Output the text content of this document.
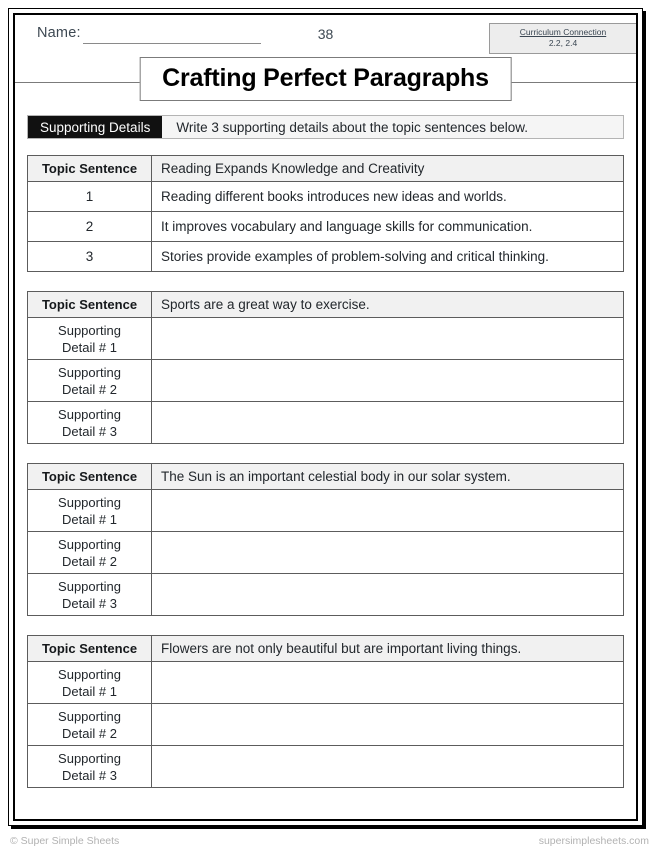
Name:	38	Curriculum Connection
2.2, 2.4
Crafting Perfect Paragraphs
Supporting Details	Write 3 supporting details about the topic sentences below.
Topic Sentence	Reading Expands Knowledge and Creativity
1	Reading different books introduces new ideas and worlds.
2	It improves vocabulary and language skills for communication.
3	Stories provide examples of problem-solving and critical thinking.
Topic Sentence	Sports are a great way to exercise.
Supporting
Detail # 1	
Supporting
Detail # 2	
Supporting
Detail # 3	
Topic Sentence	The Sun is an important celestial body in our solar system.
Supporting
Detail # 1	
Supporting
Detail # 2	
Supporting
Detail # 3	
Topic Sentence	Flowers are not only beautiful but are important living things.
Supporting
Detail # 1	
Supporting
Detail # 2	
Supporting
Detail # 3	
© Super Simple Sheets	supersimplesheets.com
